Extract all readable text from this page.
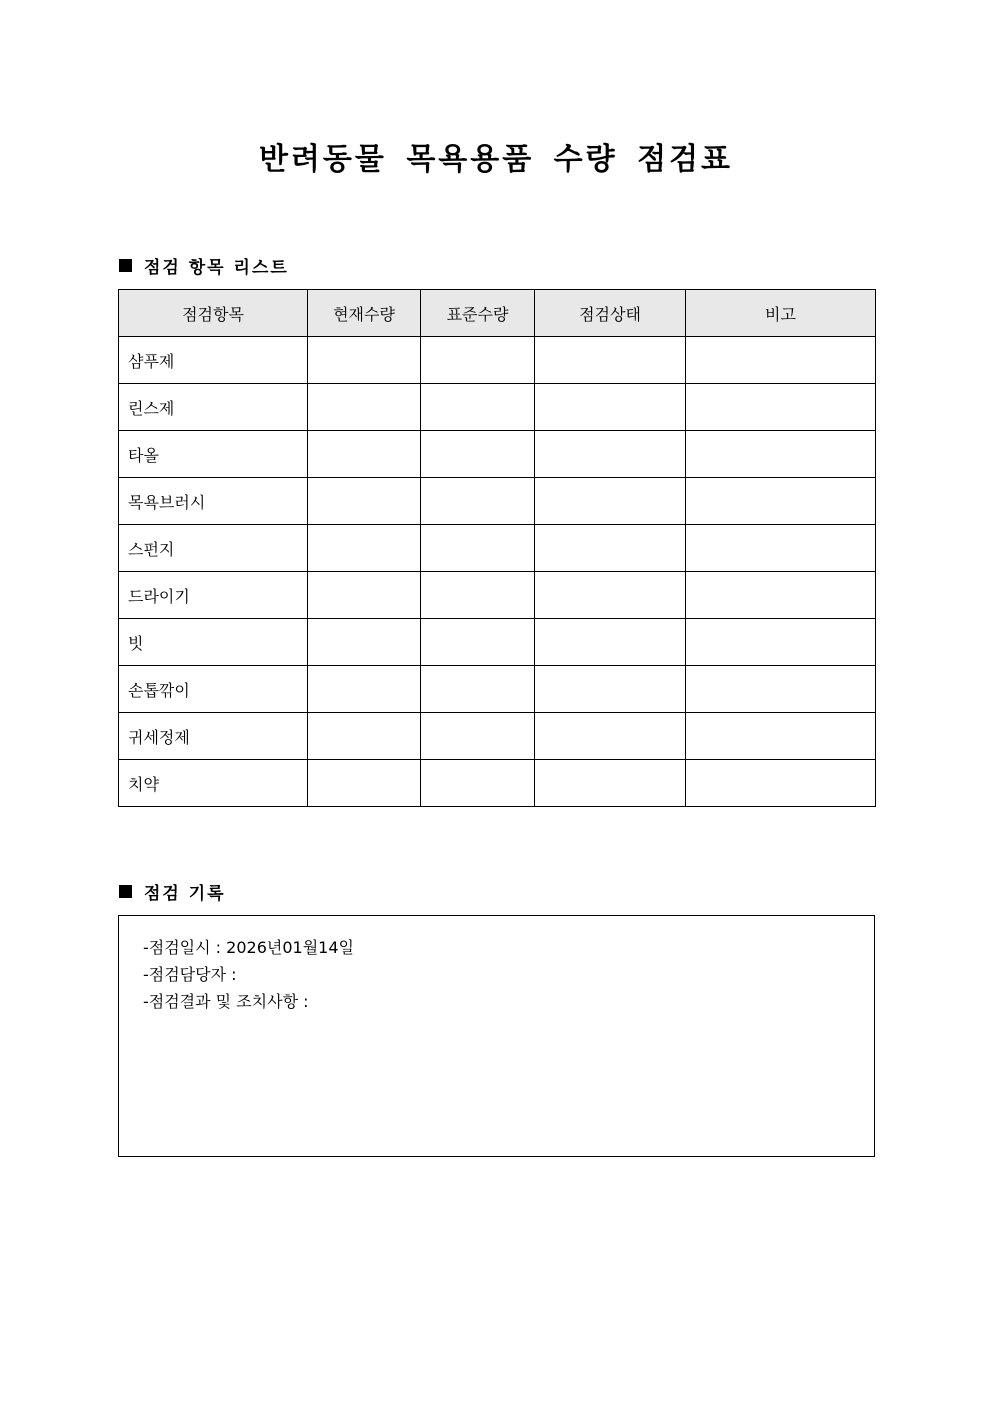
반려동물 목욕용품 수량 점검표
점검 항목 리스트
점검항목	현재수량	표준수량	점검상태	비고
샴푸제				
린스제				
타올				
목욕브러시				
스펀지				
드라이기				
빗				
손톱깎이				
귀세정제				
치약				
점검 기록
-점검일시 : 2026년01월14일
-점검담당자 :
-점검결과 및 조치사항 :
